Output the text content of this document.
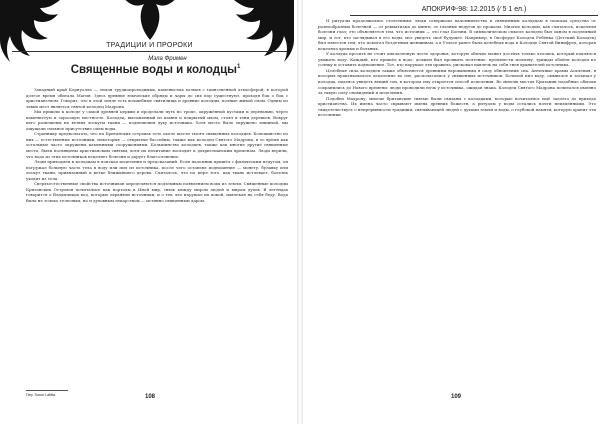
ТРАДИЦИИ И ПРОРОКИ
Мэла Фримен
Священные воды и колодцы$^1$

Западный край Корнуолла — земля труднопроходимых, каменистых холмов с таинственной атмосферой, в которой долгое время обитала Магия. Здесь древние языческие обряды и чары до сих пор существуют, проходя бок о бок с христианством. Говорят, что в этой земле есть волшебные святилища и древние колодцы, полные живой силы. Одним из таких мест является святой колодец Мадрона.

Мы пришли к колоде у самой древней церкви и проделали путь по тропе, окружённой кустами и деревьями, через каменистую и заросшую местность. Колодец, выложенный из камня и покрытый мхом, стоял в тени деревьев. Вокруг него развешены на ветвях лоскуты ткани — подношения духу источника. Хотя место было окружено тишиной, мы ощущали сильное присутствие силы воды.

Страннику предполагать, что на Британских островах есть около шести тысяч священных колодцев. Большинство из них — естественные источники, некоторые — открытые бассейны, также как колодец Святого Мадрона, в то время как остальные часто окружены каменными сооружениями. Большинство колодцев, также как многие другие священные места, были посвящены христианским святым, хотя их почитание восходит к дохристианским временам. Люди верили, что вода из этих источников исцеляет болезни и дарует благословение.

Люди приходили к колодцам в поисках исцеления и предсказаний. Если паломник пришёл с физическим недугом, он погружал больную часть тела в воду или пил из источника, после чего оставлял подношение — монету, булавку или лоскут ткани, привязанный к ветке ближайшего дерева. Считалось, что по мере того, как ткань истлевает, болезнь уходит из тела.

Сверхъестественные свойства источников определяются подземным появлением воды из земли. Священные колодцы Британских Островов почитались как порталы в Иной мир, связь между миром людей и миром духов. В легендах говорится о Владычицах вод, которые охраняли источники, и о тех, кто нарушал их покой, навлекая на себя беду. Вода была не только телесным, но и духовным лекарством — истинно священным даром.

Пер. Sonor Latitta.	108
АПОКРИФ-98: 12.2015 (⁄ 5 1 ел.)

И ритуалы продолжались столетиями: люди совершали паломничества к священным колодцам в поисках средства от разнообразных болезней — от ревматизма до цинги, от глазных недугов до проказы. Многие колодцы, как считалось, исцеляли болезни глаз; это объясняется тем, что источник — это глаз Богини. В символическом смысле колодец был окном в подземный мир, и тот, кто заглядывал в его воды, мог увидеть своё будущее. Например, в Оксфорде Колодец Ребёнка (Детский Колодец) был известен тем, что помогал бездетным женщинам, а в Уэльсе ранее была целебная вода в Колодце Святой Винифред, которая исцеляла хромых и больных.

У колодца просить не стоит аналогичную честь здоровья, которую обычно может достичь только человек, который поклялся уважать воду. Каждый, кто пришёл к воде, должен был проявить почтение: произнести молитву, трижды обойти колодец по солнцу и оставить подношение. Тот, кто нарушал эти правила, рисковал навлечь на себя гнев хранителей источника.

Целебная сила колодцев также объясняется древними верованиями в силу обновления сна. Античные храмы Асклепия, в которых практиковалось исцеление во сне, располагались у священных источников. Больной пил воду, омывался и засыпал у колодца, надеясь увидеть вещий сон, в котором ему откроется способ исцеления. Во многих местах Британии подобные обычаи сохранились до Нового времени: люди проводили ночь у источника, ожидая знака. Колодец Святого Мадрона почитался именно за такую силу сновидений и исцеления.

Подобно Мадрону, многие британские святые были связаны с колодцами, которые почитались ещё задолго до прихода христианства. Их имена часто скрывают имена древних божеств, а ритуалы у воды остались почти неизменными. Это свидетельствует о непрерывности традиции, связывающей людей с духами земли и воды, о глубокой памяти, которую хранят эти источники.

109
